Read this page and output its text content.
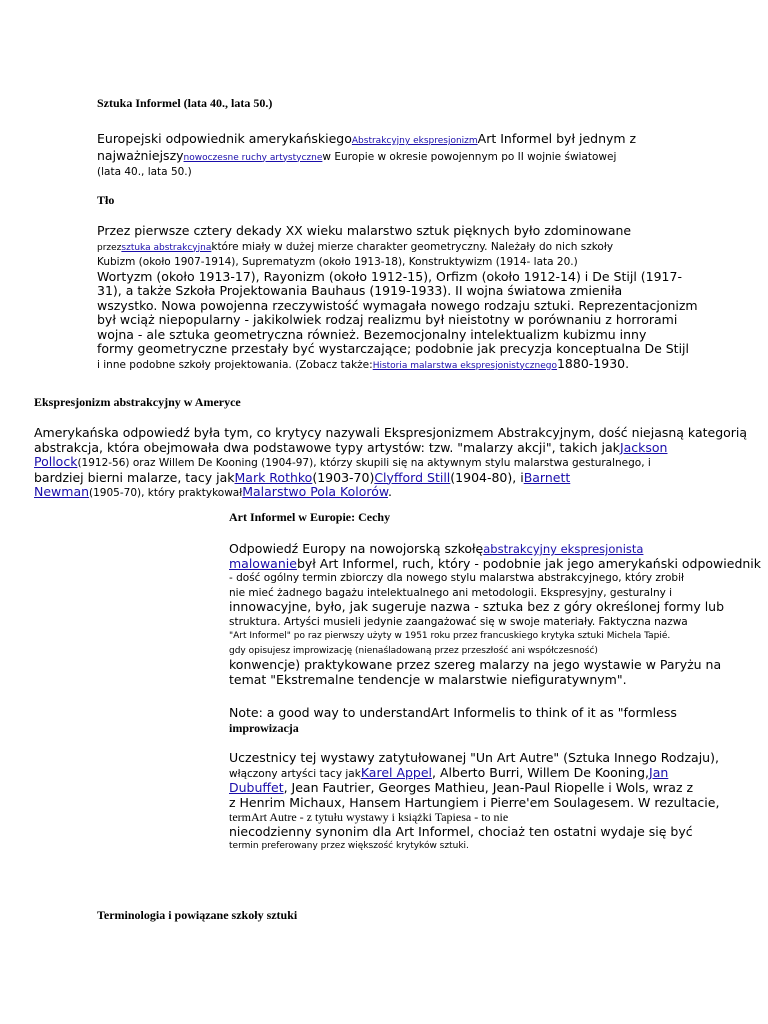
Sztuka Informel (lata 40., lata 50.)
Europejski odpowiednik amerykańskiegoAbstrakcyjny ekspresjonizmArt Informel był jednym z
najważniejszynowoczesne ruchy artystycznew Europie w okresie powojennym po II wojnie światowej
(lata 40., lata 50.)
Tło
Przez pierwsze cztery dekady XX wieku malarstwo sztuk pięknych było zdominowane
przezsztuka abstrakcyjnaktóre miały w dużej mierze charakter geometryczny. Należały do nich szkoły
Kubizm (około 1907-1914), Suprematyzm (około 1913-18), Konstruktywizm (1914- lata 20.)
Wortyzm (około 1913-17), Rayonizm (około 1912-15), Orfizm (około 1912-14) i De Stijl (1917-
31), a także Szkoła Projektowania Bauhaus (1919-1933). II wojna światowa zmieniła
wszystko. Nowa powojenna rzeczywistość wymagała nowego rodzaju sztuki. Reprezentacjonizm
był wciąż niepopularny - jakikolwiek rodzaj realizmu był nieistotny w porównaniu z horrorami
wojna - ale sztuka geometryczna również. Bezemocjonalny intelektualizm kubizmu inny
formy geometryczne przestały być wystarczające; podobnie jak precyzja konceptualna De Stijl
i inne podobne szkoły projektowania. (Zobacz także:Historia malarstwa ekspresjonistycznego1880-1930.
Ekspresjonizm abstrakcyjny w Ameryce
Amerykańska odpowiedź była tym, co krytycy nazywali Ekspresjonizmem Abstrakcyjnym, dość niejasną kategorią
abstrakcja, która obejmowała dwa podstawowe typy artystów: tzw. "malarzy akcji", takich jakJackson
Pollock(1912-56) oraz Willem De Kooning (1904-97), którzy skupili się na aktywnym stylu malarstwa gesturalnego, i
bardziej bierni malarze, tacy jakMark Rothko(1903-70)Clyfford Still(1904-80), iBarnett
Newman(1905-70), który praktykowałMalarstwo Pola Kolorów.
Art Informel w Europie: Cechy
Odpowiedź Europy na nowojorską szkołęabstrakcyjny ekspresjonista
malowaniebył Art Informel, ruch, który - podobnie jak jego amerykański odpowiednik
- dość ogólny termin zbiorczy dla nowego stylu malarstwa abstrakcyjnego, który zrobił
nie mieć żadnego bagażu intelektualnego ani metodologii. Ekspresyjny, gesturalny i
innowacyjne, było, jak sugeruje nazwa - sztuka bez z góry określonej formy lub
struktura. Artyści musieli jedynie zaangażować się w swoje materiały. Faktyczna nazwa
"Art Informel" po raz pierwszy użyty w 1951 roku przez francuskiego krytyka sztuki Michela Tapié.
gdy opisujesz improwizację (nienaśladowaną przez przeszłość ani współczesność)
konwencje) praktykowane przez szereg malarzy na jego wystawie w Paryżu na
temat "Ekstremalne tendencje w malarstwie niefiguratywnym".
Note: a good way to understandArt Informelis to think of it as "formless
improwizacja
Uczestnicy tej wystawy zatytułowanej "Un Art Autre" (Sztuka Innego Rodzaju),
włączony artyści tacy jakKarel Appel, Alberto Burri, Willem De Kooning,Jan
Dubuffet, Jean Fautrier, Georges Mathieu, Jean-Paul Riopelle i Wols, wraz z
z Henrim Michaux, Hansem Hartungiem i Pierre'em Soulagesem. W rezultacie,
termArt Autre - z tytułu wystawy i książki Tapiesa - to nie
niecodzienny synonim dla Art Informel, chociaż ten ostatni wydaje się być
termin preferowany przez większość krytyków sztuki.
Terminologia i powiązane szkoły sztuki
